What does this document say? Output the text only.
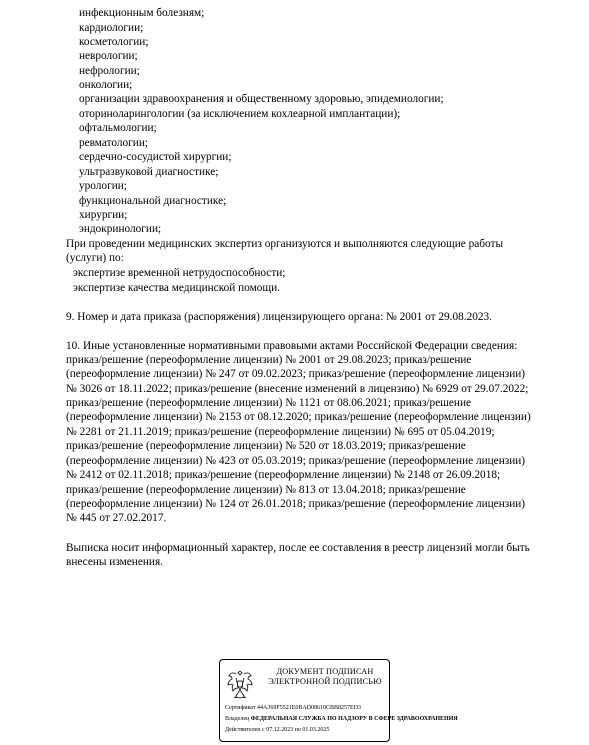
инфекционным болезням;
кардиологии;
косметологии;
неврологии;
нефрологии;
онкологии;
организации здравоохранения и общественному здоровью, эпидемиологии;
оториноларингологии (за исключением кохлеарной имплантации);
офтальмологии;
ревматологии;
сердечно-сосудистой хирургии;
ультразвуковой диагностике;
урологии;
функциональной диагностике;
хирургии;
эндокринологии;
При проведении медицинских экспертиз организуются и выполняются следующие работы
(услуги) по:
экспертизе временной нетрудоспособности;
экспертизе качества медицинской помощи.
9. Номер и дата приказа (распоряжения) лицензирующего органа: № 2001 от 29.08.2023.
10. Иные установленные нормативными правовыми актами Российской Федерации сведения:
приказ/решение (переоформление лицензии) № 2001 от 29.08.2023; приказ/решение
(переоформление лицензии) № 247 от 09.02.2023; приказ/решение (переоформление лицензии)
№ 3026 от 18.11.2022; приказ/решение (внесение изменений в лицензию) № 6929 от 29.07.2022;
приказ/решение (переоформление лицензии) № 1121 от 08.06.2021; приказ/решение
(переоформление лицензии) № 2153 от 08.12.2020; приказ/решение (переоформление лицензии)
№ 2281 от 21.11.2019; приказ/решение (переоформление лицензии) № 695 от 05.04.2019;
приказ/решение (переоформление лицензии) № 520 от 18.03.2019; приказ/решение
(переоформление лицензии) № 423 от 05.03.2019; приказ/решение (переоформление лицензии)
№ 2412 от 02.11.2018; приказ/решение (переоформление лицензии) № 2148 от 26.09.2018;
приказ/решение (переоформление лицензии) № 813 от 13.04.2018; приказ/решение
(переоформление лицензии) № 124 от 26.01.2018; приказ/решение (переоформление лицензии)
№ 445 от 27.02.2017.
Выписка носит информационный характер, после ее составления в реестр лицензий могли быть
внесены изменения.
ДОКУМЕНТ ПОДПИСАН
ЭЛЕКТРОННОЙ ПОДПИСЬЮ
Сертификат 44A369F5521E0BAD08610CBB8257ED3
Владелец ФЕДЕРАЛЬНАЯ СЛУЖБА ПО НАДЗОРУ В СФЕРЕ ЗДРАВООХРАНЕНИЯ
Действителен с 07.12.2023 по 01.03.2025
